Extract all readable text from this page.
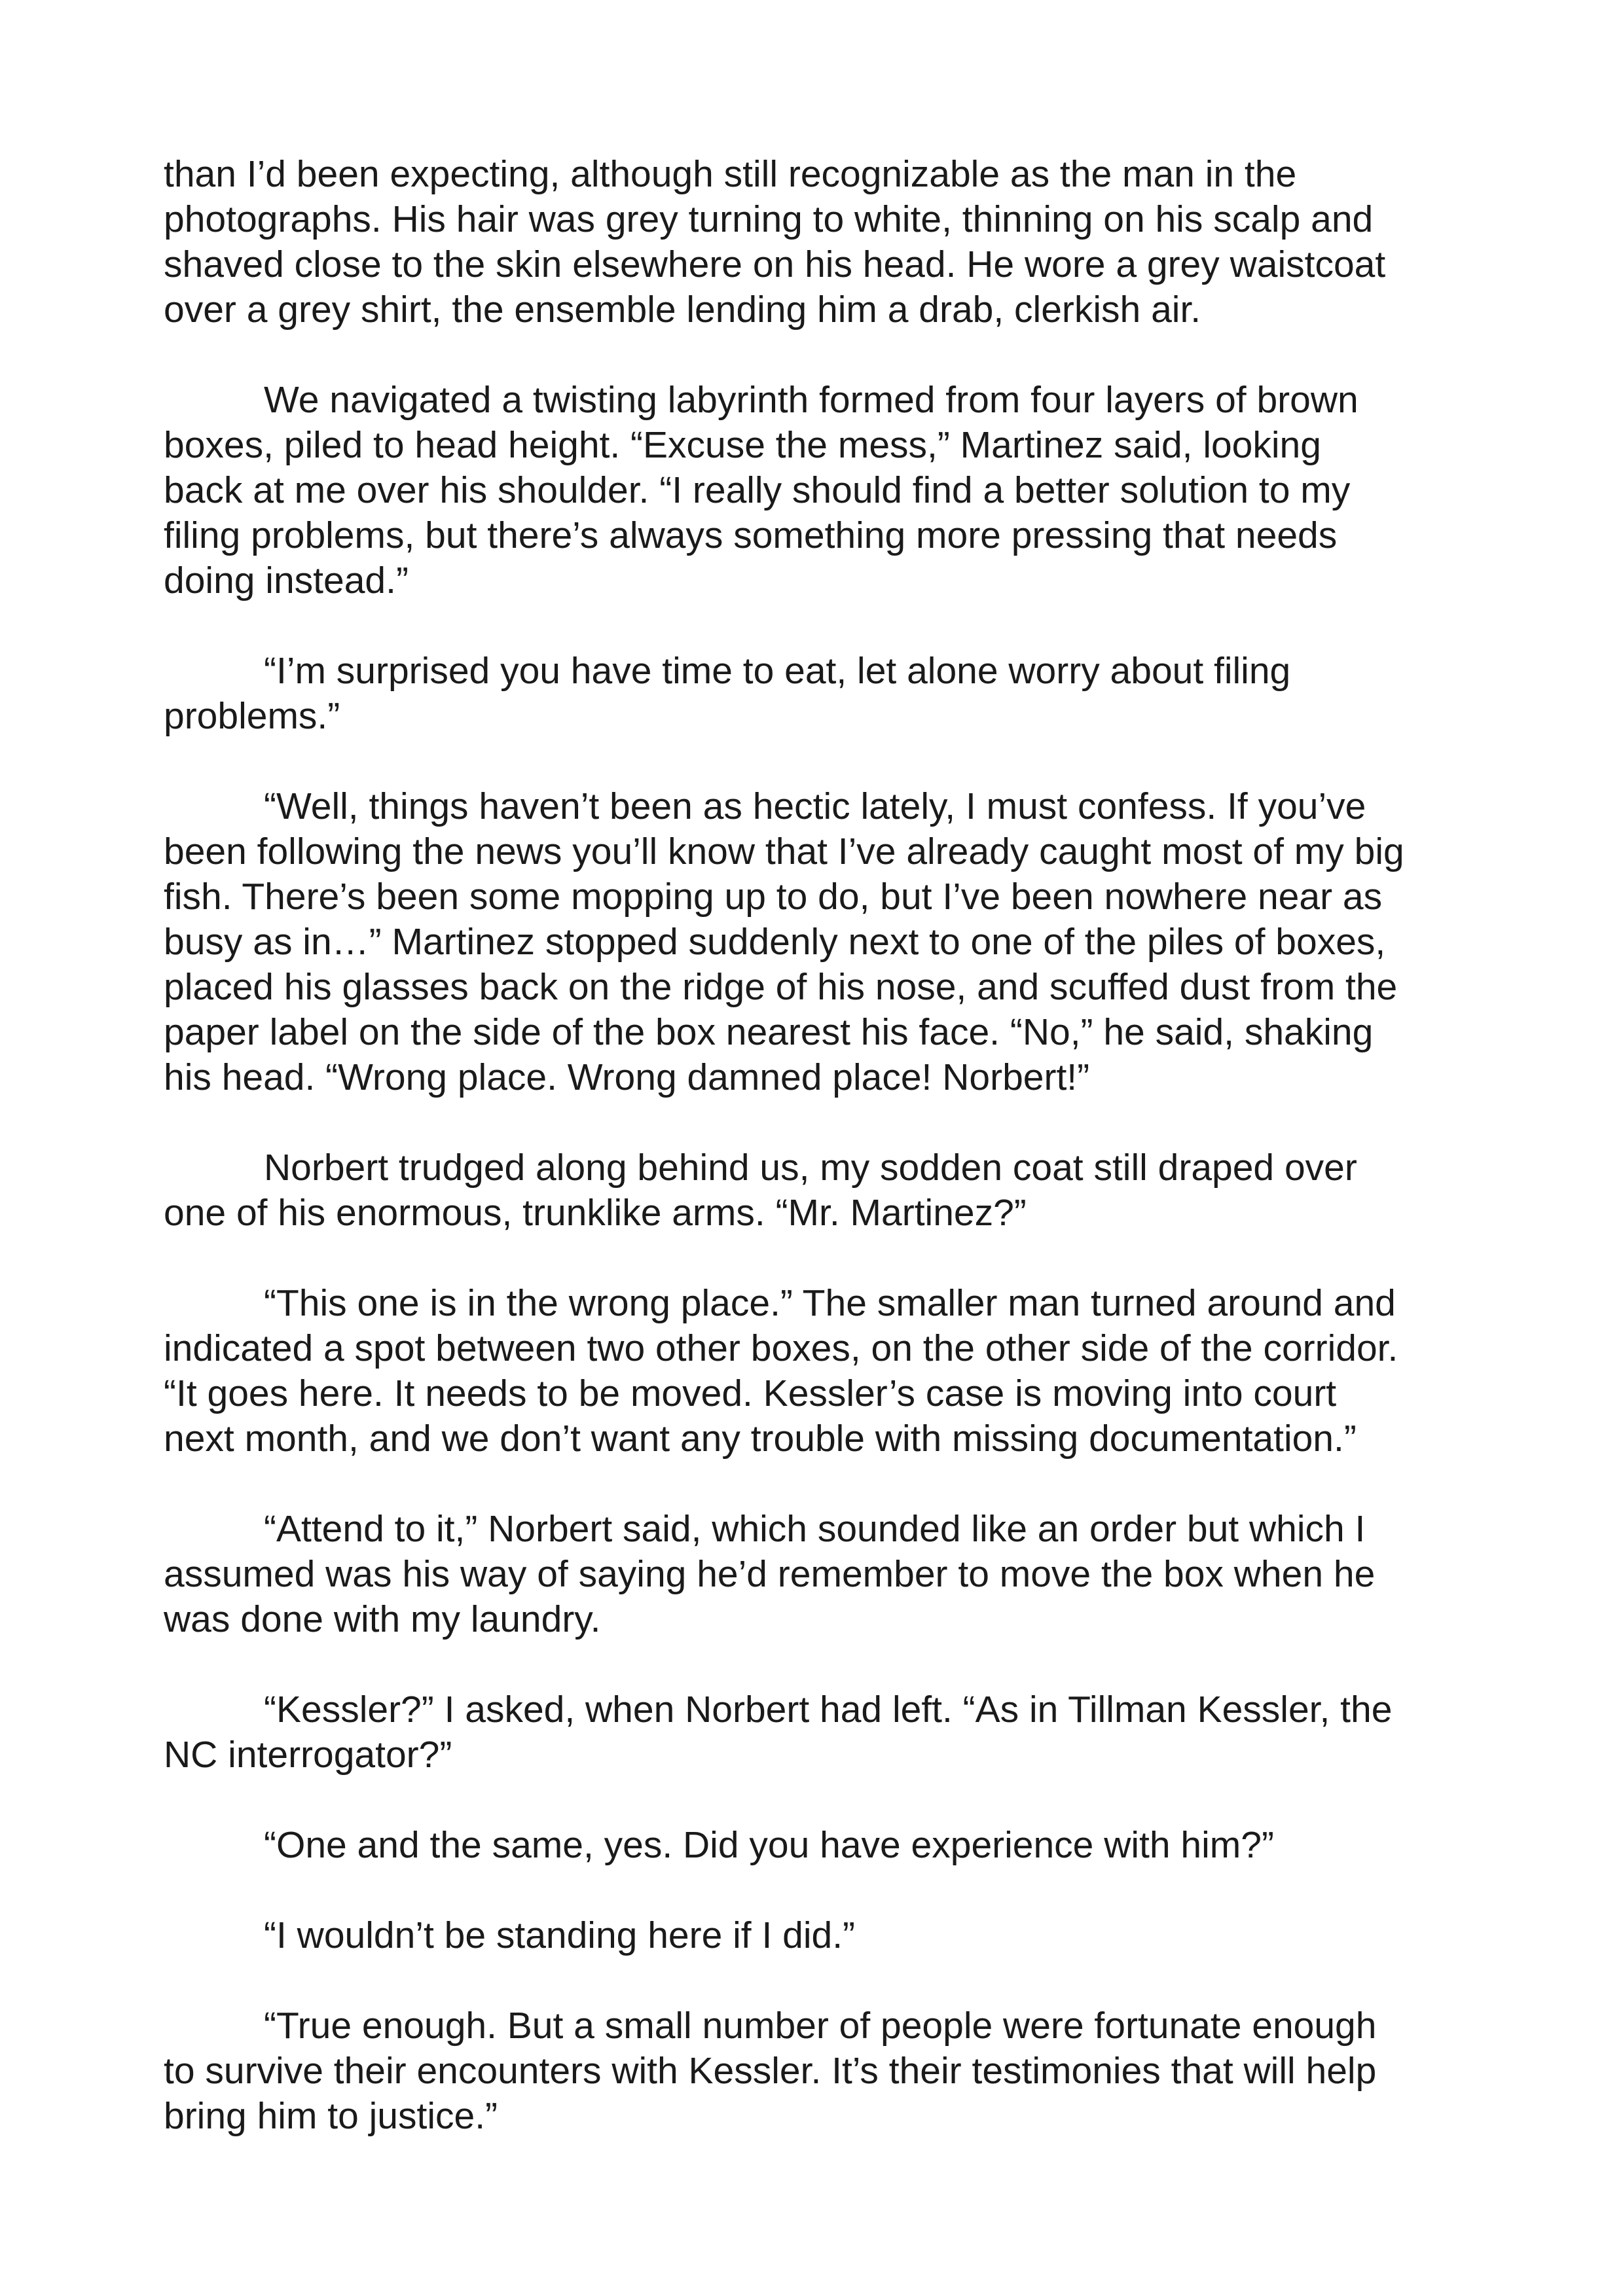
than I’d been expecting, although still recognizable as the man in the
photographs. His hair was grey turning to white, thinning on his scalp and
shaved close to the skin elsewhere on his head. He wore a grey waistcoat
over a grey shirt, the ensemble lending him a drab, clerkish air.

We navigated a twisting labyrinth formed from four layers of brown
boxes, piled to head height. “Excuse the mess,” Martinez said, looking
back at me over his shoulder. “I really should find a better solution to my
filing problems, but there’s always something more pressing that needs
doing instead.”

“I’m surprised you have time to eat, let alone worry about filing
problems.”

“Well, things haven’t been as hectic lately, I must confess. If you’ve
been following the news you’ll know that I’ve already caught most of my big
fish. There’s been some mopping up to do, but I’ve been nowhere near as
busy as in…” Martinez stopped suddenly next to one of the piles of boxes,
placed his glasses back on the ridge of his nose, and scuffed dust from the
paper label on the side of the box nearest his face. “No,” he said, shaking
his head. “Wrong place. Wrong damned place! Norbert!”

Norbert trudged along behind us, my sodden coat still draped over
one of his enormous, trunklike arms. “Mr. Martinez?”

“This one is in the wrong place.” The smaller man turned around and
indicated a spot between two other boxes, on the other side of the corridor.
“It goes here. It needs to be moved. Kessler’s case is moving into court
next month, and we don’t want any trouble with missing documentation.”

“Attend to it,” Norbert said, which sounded like an order but which I
assumed was his way of saying he’d remember to move the box when he
was done with my laundry.

“Kessler?” I asked, when Norbert had left. “As in Tillman Kessler, the
NC interrogator?”

“One and the same, yes. Did you have experience with him?”

“I wouldn’t be standing here if I did.”

“True enough. But a small number of people were fortunate enough
to survive their encounters with Kessler. It’s their testimonies that will help
bring him to justice.”
